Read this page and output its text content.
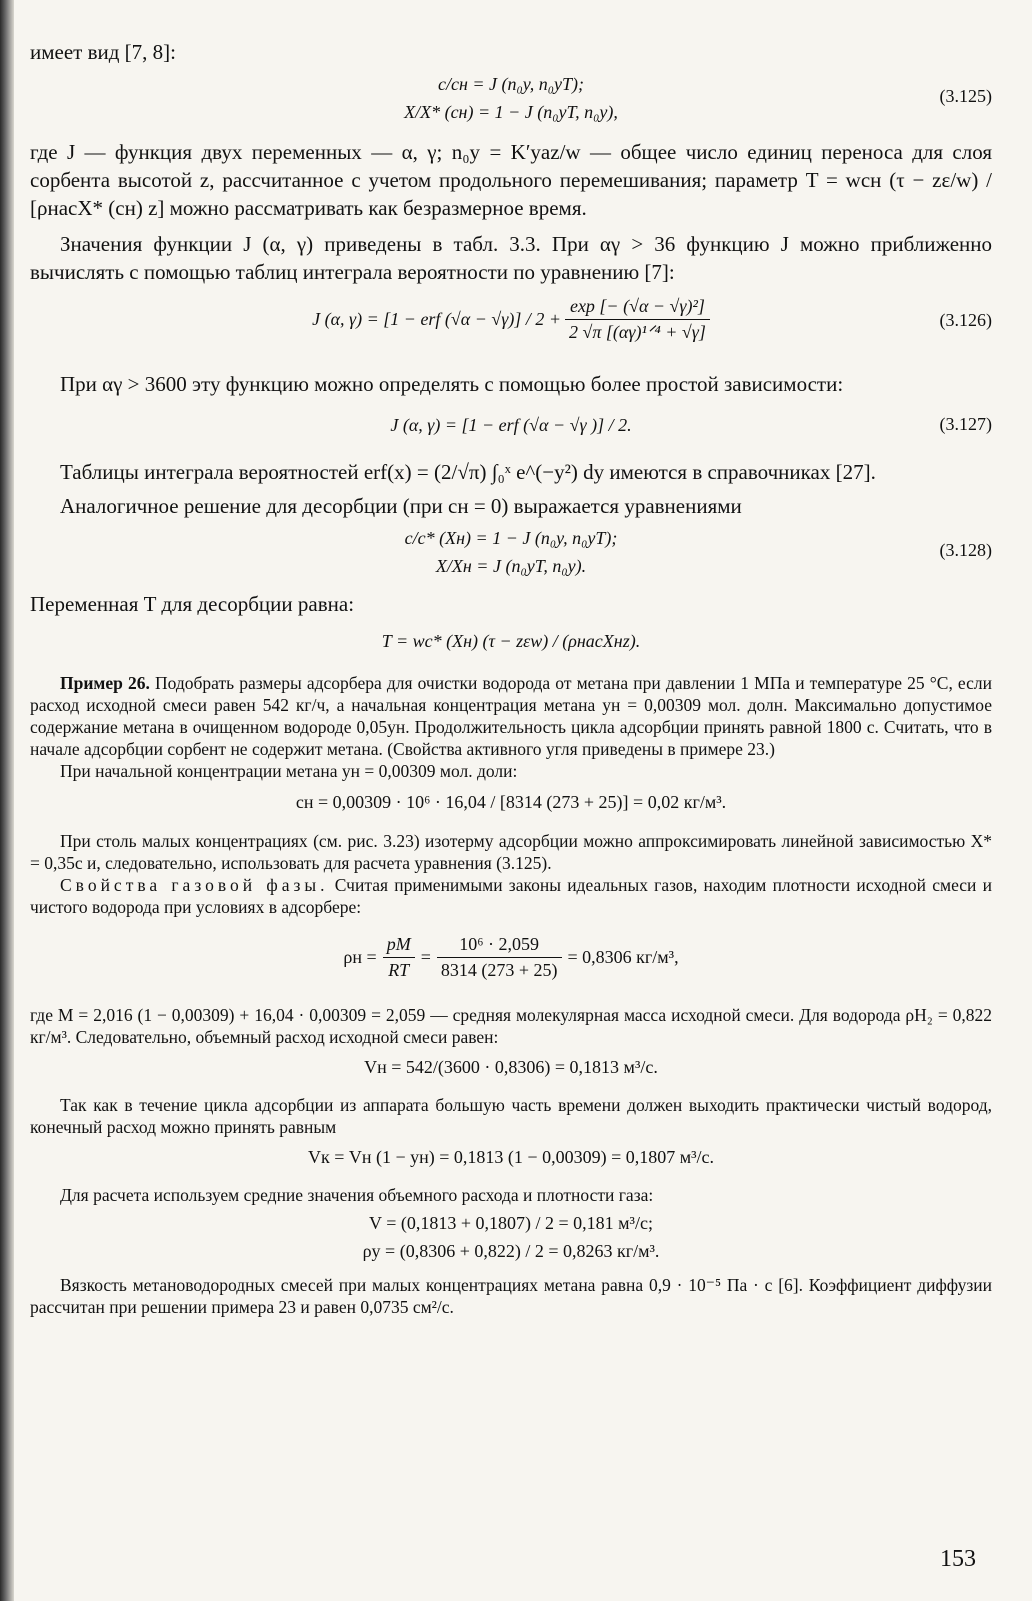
имеет вид [7, 8]:

c/cн = J (n₀y, n₀yT);
X/X* (cн) = 1 − J (n₀yT, n₀y),
(3.125)

где J — функция двух переменных — α, γ; n₀y = K′yaz/w — общее число единиц переноса для слоя сорбента высотой z, рассчитанное с учетом продольного перемешивания; параметр T = wcн (τ − zε/w) / [ρнасX* (cн) z] можно рассматривать как безразмерное время.

Значения функции J (α, γ) приведены в табл. 3.3. При αγ > 36 функцию J можно приближенно вычислять с помощью таблиц интеграла вероятности по уравнению [7]:

J (α, γ) = [1 − erf $(√\alpha - √\gamma)] / 2 + \frac{\text{exp [− (√α − √γ)²]}}{\text{2 √π [(αγ)¹ᐟ⁴ + √γ]}}$	(3.126)

При αγ > 3600 эту функцию можно определять с помощью более простой зависимости:

J (α, γ) = [1 − erf (√α − √γ )] / 2.	(3.127)

Таблицы интеграла вероятностей erf(x) = (2/√π) ∫₀ˣ e^(−y²) dy имеются в справочниках [27].

Аналогичное решение для десорбции (при cн = 0) выражается уравнениями

c/c* (Xн) = 1 − J (n₀y, n₀yT);
X/Xн = J (n₀yT, n₀y).
(3.128)

Переменная T для десорбции равна:

T = wc* (Xн) (τ − zεw) / (ρнасXнz).

Пример 26. Подобрать размеры адсорбера для очистки водорода от метана при давлении 1 МПа и температуре 25 °C, если расход исходной смеси равен 542 кг/ч, а начальная концентрация метана yн = 0,00309 мол. долн. Максимально допустимое содержание метана в очищенном водороде 0,05yн. Продолжительность цикла адсорбции принять равной 1800 с. Считать, что в начале адсорбции сорбент не содержит метана. (Свойства активного угля приведены в примере 23.)

При начальной концентрации метана yн = 0,00309 мол. доли:

cн = 0,00309 · 10⁶ · 16,04 / [8314 (273 + 25)] = 0,02 кг/м³.

При столь малых концентрациях (см. рис. 3.23) изотерму адсорбции можно аппроксимировать линейной зависимостью X* = 0,35c и, следовательно, использовать для расчета уравнения (3.125).

Свойства газовой фазы. Считая применимыми законы идеальных газов, находим плотности исходной смеси и чистого водорода при условиях в адсорбере:

$\rho н = \frac{pM}{RT} = \frac{\text{10⁶ · 2,059}}{8314 (273 + 25)} = 0,8306$ кг/м³,

где M = 2,016 (1 − 0,00309) + 16,04 · 0,00309 = 2,059 — средняя молекулярная масса исходной смеси. Для водорода ρH₂ = 0,822 кг/м³. Следовательно, объемный расход исходной смеси равен:

Vн = 542/(3600 · 0,8306) = 0,1813 м³/с.

Так как в течение цикла адсорбции из аппарата большую часть времени должен выходить практически чистый водород, конечный расход можно принять равным

Vк = Vн (1 − yн) = 0,1813 (1 − 0,00309) = 0,1807 м³/с.

Для расчета используем средние значения объемного расхода и плотности газа:

V = (0,1813 + 0,1807) / 2 = 0,181 м³/с;
ρy = (0,8306 + 0,822) / 2 = 0,8263 кг/м³.

Вязкость метановодородных смесей при малых концентрациях метана равна 0,9 · 10⁻⁵ Па · с [6]. Коэффициент диффузии рассчитан при решении примера 23 и равен 0,0735 см²/с.

153
